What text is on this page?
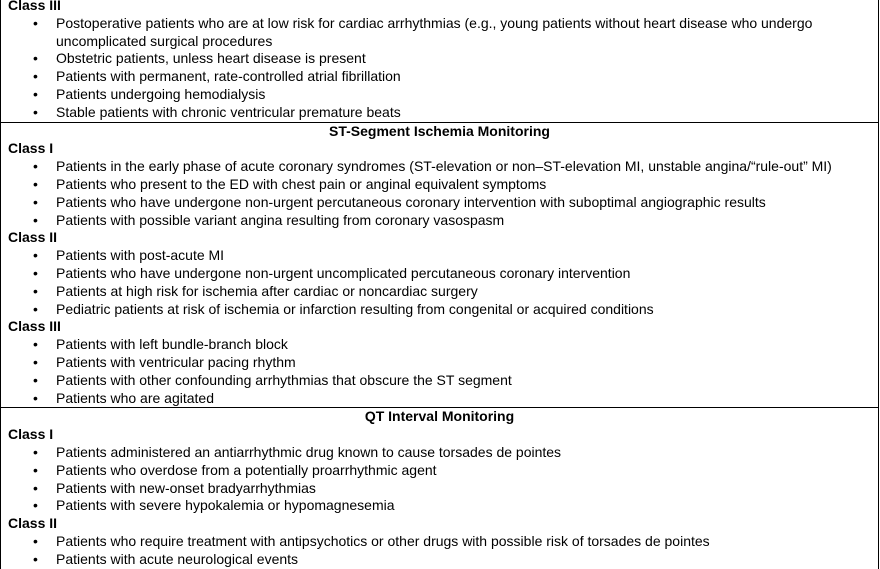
Class III
• Postoperative patients who are at low risk for cardiac arrhythmias (e.g., young patients without heart disease who undergo uncomplicated surgical procedures
• Obstetric patients, unless heart disease is present
• Patients with permanent, rate-controlled atrial fibrillation
• Patients undergoing hemodialysis
• Stable patients with chronic ventricular premature beats
ST-Segment Ischemia Monitoring
Class I
• Patients in the early phase of acute coronary syndromes (ST-elevation or non–ST-elevation MI, unstable angina/“rule-out” MI)
• Patients who present to the ED with chest pain or anginal equivalent symptoms
• Patients who have undergone non-urgent percutaneous coronary intervention with suboptimal angiographic results
• Patients with possible variant angina resulting from coronary vasospasm
Class II
• Patients with post-acute MI
• Patients who have undergone non-urgent uncomplicated percutaneous coronary intervention
• Patients at high risk for ischemia after cardiac or noncardiac surgery
• Pediatric patients at risk of ischemia or infarction resulting from congenital or acquired conditions
Class III
• Patients with left bundle-branch block
• Patients with ventricular pacing rhythm
• Patients with other confounding arrhythmias that obscure the ST segment
• Patients who are agitated
QT Interval Monitoring
Class I
• Patients administered an antiarrhythmic drug known to cause torsades de pointes
• Patients who overdose from a potentially proarrhythmic agent
• Patients with new-onset bradyarrhythmias
• Patients with severe hypokalemia or hypomagnesemia
Class II
• Patients who require treatment with antipsychotics or other drugs with possible risk of torsades de pointes
• Patients with acute neurological events
